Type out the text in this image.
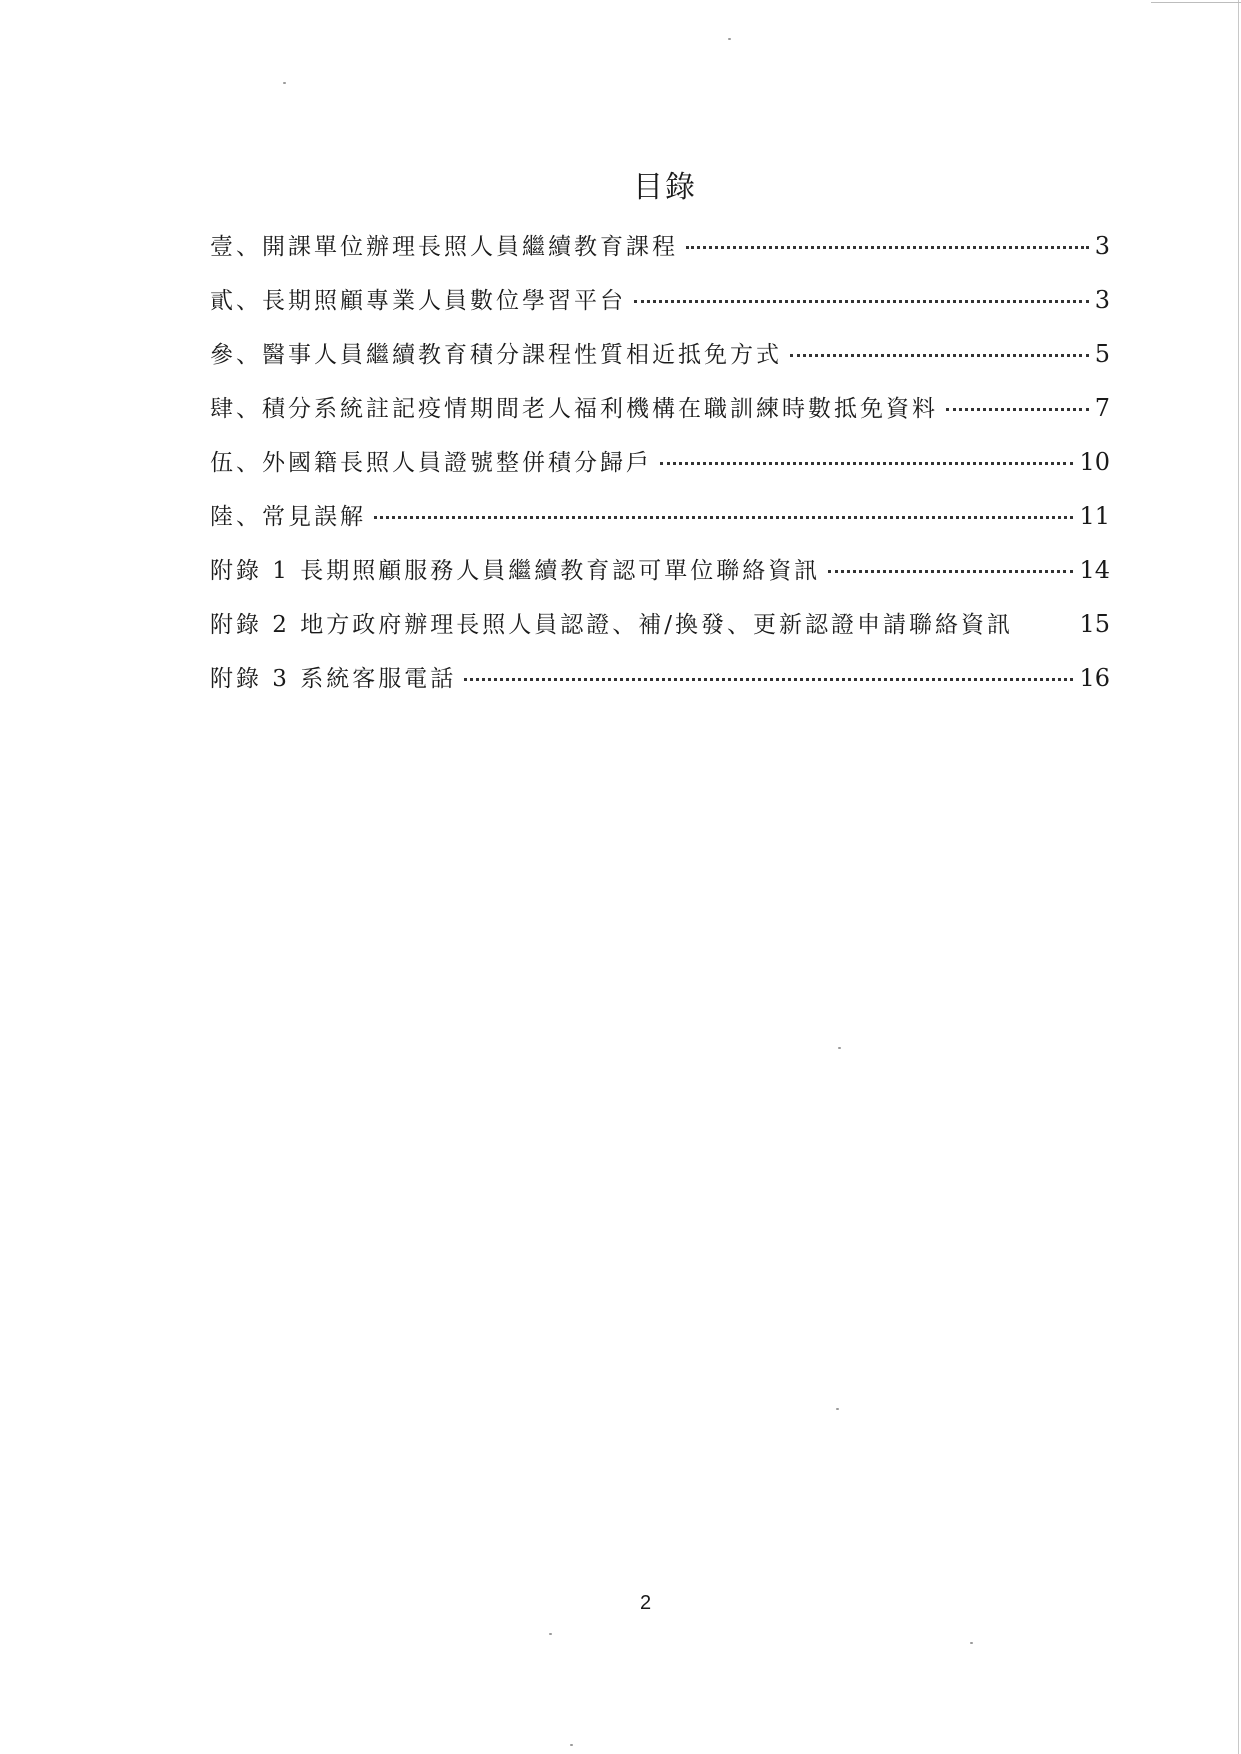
目錄
壹、開課單位辦理長照人員繼續教育課程	3
貳、長期照顧專業人員數位學習平台	3
參、醫事人員繼續教育積分課程性質相近抵免方式	5
肆、積分系統註記疫情期間老人福利機構在職訓練時數抵免資料	7
伍、外國籍長照人員證號整併積分歸戶	10
陸、常見誤解	11
附錄 1 長期照顧服務人員繼續教育認可單位聯絡資訊	14
附錄 2 地方政府辦理長照人員認證、補/換發、更新認證申請聯絡資訊	15
附錄 3 系統客服電話	16
2
